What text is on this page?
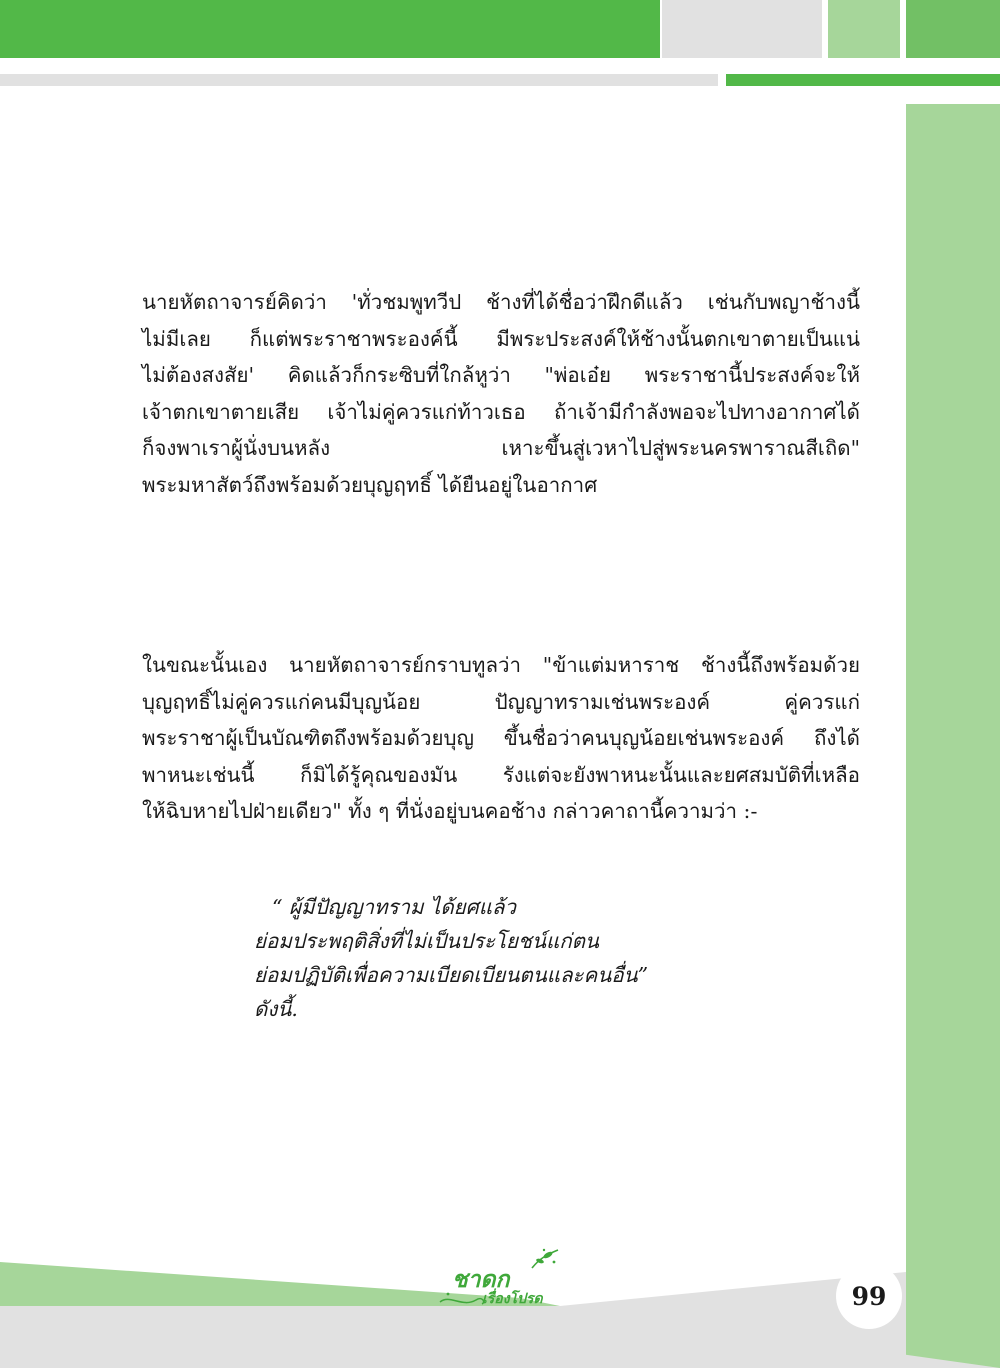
นายหัตถาจารย์คิดว่า 'ทั่วชมพูทวีป ช้างที่ได้ชื่อว่าฝึกดีแล้ว เช่นกับพญาช้างนี้
ไม่มีเลย ก็แต่พระราชาพระองค์นี้ มีพระประสงค์ให้ช้างนั้นตกเขาตายเป็นแน่
ไม่ต้องสงสัย' คิดแล้วก็กระซิบที่ใกล้หูว่า "พ่อเอ๋ย พระราชานี้ประสงค์จะให้
เจ้าตกเขาตายเสีย เจ้าไม่คู่ควรแก่ท้าวเธอ ถ้าเจ้ามีกำลังพอจะไปทางอากาศได้
ก็จงพาเราผู้นั่งบนหลัง เหาะขึ้นสู่เวหาไปสู่พระนครพาราณสีเถิด"
พระมหาสัตว์ถึงพร้อมด้วยบุญฤทธิ์ ได้ยืนอยู่ในอากาศ
ในขณะนั้นเอง นายหัตถาจารย์กราบทูลว่า "ข้าแต่มหาราช ช้างนี้ถึงพร้อมด้วย
บุญฤทธิ์ไม่คู่ควรแก่คนมีบุญน้อย ปัญญาทรามเช่นพระองค์ คู่ควรแก่
พระราชาผู้เป็นบัณฑิตถึงพร้อมด้วยบุญ ขึ้นชื่อว่าคนบุญน้อยเช่นพระองค์ ถึงได้
พาหนะเช่นนี้ ก็มิได้รู้คุณของมัน รังแต่จะยังพาหนะนั้นและยศสมบัติที่เหลือ
ให้ฉิบหายไปฝ่ายเดียว" ทั้ง ๆ ที่นั่งอยู่บนคอช้าง กล่าวคาถานี้ความว่า :-
“ ผู้มีปัญญาทราม ได้ยศแล้ว
ย่อมประพฤติสิ่งที่ไม่เป็นประโยชน์แก่ตน
ย่อมปฏิบัติเพื่อความเบียดเบียนตนและคนอื่น”
ดังนี้.
ชาดก
เรื่องโปรด	99
